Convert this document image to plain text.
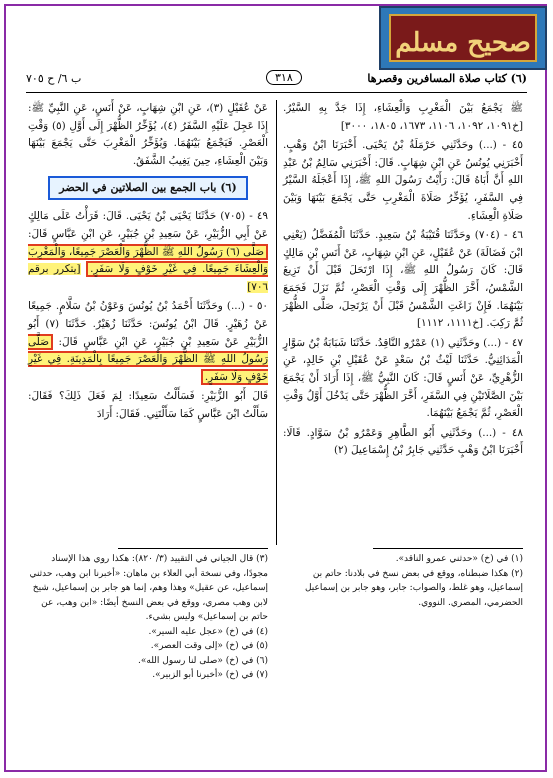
صحيح مسلم
(٦) كتاب صلاة المسافرين وقصرها
٣١٨
ب ٦/ ح ٧٠٥

ﷺ يَجْمَعُ بَيْنَ الْمَغْرِبِ وَالْعِشَاءِ، إِذَا جَدَّ بِهِ السَّيْرُ. [خ١٠٩١، ١٠٩٢، ١١٠٦، ١٦٧٣، ١٨٠٥، ٣٠٠٠]

٤٥ - (...) وحَدَّثَنِي حَرْمَلَةُ بْنُ يَحْيَى. أَخْبَرَنَا ابْنُ وَهْبٍ. أَخْبَرَنِي يُونُسُ عَنِ ابْنِ شِهَابٍ. قَالَ: أَخْبَرَنِي سَالِمُ بْنُ عَبْدِ اللهِ أَنَّ أَبَاهُ قَالَ: رَأَيْتُ رَسُولَ اللهِ ﷺ، إِذَا أَعْجَلَهُ السَّيْرُ فِي السَّفَرِ، يُؤَخِّرُ صَلَاةَ الْمَغْرِبِ حَتَّى يَجْمَعَ بَيْنَهَا وَبَيْنَ صَلَاةِ الْعِشَاءِ.

٤٦ - (٧٠٤) وحَدَّثَنَا قُتَيْبَةُ بْنُ سَعِيدٍ. حَدَّثَنَا الْمُفَضَّلُ (يَعْنِي ابْنَ فَضَالَةَ) عَنْ عُقَيْلٍ، عَنِ ابْنِ شِهَابٍ، عَنْ أَنَسِ بْنِ مَالِكٍ قَالَ: كَانَ رَسُولُ اللهِ ﷺ، إِذَا ارْتَحَلَ قَبْلَ أَنْ تَزِيغَ الشَّمْسُ، أَخَّرَ الظُّهْرَ إِلَى وَقْتِ الْعَصْرِ، ثُمَّ نَزَلَ فَجَمَعَ بَيْنَهُمَا. فَإِنْ زَاغَتِ الشَّمْسُ قَبْلَ أَنْ يَرْتَحِلَ، صَلَّى الظُّهْرَ ثُمَّ رَكِبَ. [خ١١١١، ١١١٢]

٤٧ - (...) وحَدَّثَنِي (١) عَمْرٌو النَّاقِدُ. حَدَّثَنَا شَبَابَةُ بْنُ سَوَّارٍ الْمَدَائِنِيُّ. حَدَّثَنَا لَيْثُ بْنُ سَعْدٍ عَنْ عُقَيْلِ بْنِ خَالِدٍ، عَنِ الزُّهْرِيِّ، عَنْ أَنَسٍ قَالَ: كَانَ النَّبِيُّ ﷺ، إِذَا أَرَادَ أَنْ يَجْمَعَ بَيْنَ الصَّلَاتَيْنِ فِي السَّفَرِ، أَخَّرَ الظُّهْرَ حَتَّى يَدْخُلَ أَوَّلُ وَقْتِ الْعَصْرِ، ثُمَّ يَجْمَعُ بَيْنَهُمَا.

٤٨ - (...) وحَدَّثَنِي أَبُو الطَّاهِرِ وَعَمْرُو بْنُ سَوَّادٍ. قَالَا: أَخْبَرَنَا ابْنُ وَهْبٍ حَدَّثَنِي جَابِرُ بْنُ إِسْمَاعِيلَ (٢)

عَنْ عُقَيْلٍ (٣)، عَنِ ابْنِ شِهَابٍ، عَنْ أَنَسٍ، عَنِ النَّبِيِّ ﷺ: إِذَا عَجِلَ عَلَيْهِ السَّفَرُ (٤)، يُؤَخِّرُ الظُّهْرَ إِلَى أَوَّلِ (٥) وَقْتِ الْعَصْرِ. فَيَجْمَعُ بَيْنَهُمَا. وَيُؤَخِّرُ الْمَغْرِبَ حَتَّى يَجْمَعَ بَيْنَهَا وَبَيْنَ الْعِشَاءِ، حِينَ يَغِيبُ الشَّفَقُ.

(٦) باب الجمع بين الصلاتين في الحضر

٤٩ - (٧٠٥) حَدَّثَنَا يَحْيَى بْنُ يَحْيَى. قَالَ: قَرَأْتُ عَلَى مَالِكٍ عَنْ أَبِي الزُّبَيْرِ، عَنْ سَعِيدِ بْنِ جُبَيْرٍ، عَنِ ابْنِ عَبَّاسٍ قَالَ: صَلَّى (٦) رَسُولُ اللهِ ﷺ الظُّهْرَ وَالْعَصْرَ جَمِيعًا، وَالْمَغْرِبَ وَالْعِشَاءَ جَمِيعًا. فِي غَيْرِ خَوْفٍ وَلَا سَفَرٍ. [يتكرر برقم ٧٠٦]

٥٠ - (...) وحَدَّثَنَا أَحْمَدُ بْنُ يُونُسَ وَعَوْنُ بْنُ سَلَّامٍ. جَمِيعًا عَنْ زُهَيْرٍ. قَالَ ابْنُ يُونُسَ: حَدَّثَنَا زُهَيْرٌ. حَدَّثَنَا (٧) أَبُو الزُّبَيْرِ عَنْ سَعِيدِ بْنِ جُبَيْرٍ، عَنِ ابْنِ عَبَّاسٍ قَالَ: صَلَّى رَسُولُ اللهِ ﷺ الظُّهْرَ وَالْعَصْرَ جَمِيعًا بِالْمَدِينَةِ. فِي غَيْرِ خَوْفٍ وَلَا سَفَرٍ.

قَالَ أَبُو الزُّبَيْرِ: فَسَأَلْتُ سَعِيدًا: لِمَ فَعَلَ ذَلِكَ؟ فَقَالَ: سَأَلْتُ ابْنَ عَبَّاسٍ كَمَا سَأَلْتَنِي. فَقَالَ: أَرَادَ

(١) في (خ) «حدثني عمرو الناقد».

(٢) هكذا ضبطناه، ووقع في بعض نسخ في بلادنا: حاتم بن إسماعيل، وهو غلط، والصواب: جابر، وهو جابر بن إسماعيل الحضرمي، المصري. النووي.

(٣) قال الجياني في التقييد (٣/ ٨٢٠): هكذا روي هذا الإسناد مجودًا، وفي نسخة أبي العلاء بن ماهان: «أخبرنا ابن وهب، حدثني إسماعيل، عن عقيل» وهذا وهم، إنما هو جابر بن إسماعيل، شيخ لابن وهب مصري، ووقع في بعض النسخ أيضًا: «ابن وهب، عن حاتم بن إسماعيل» وليس بشيء.

(٤) في (خ) «عجل عليه السير».

(٥) في (خ) «إلى وقت العصر».

(٦) في (خ) «صلى لنا رسول الله».

(٧) في (خ) «أخبرنا أبو الزبير».
